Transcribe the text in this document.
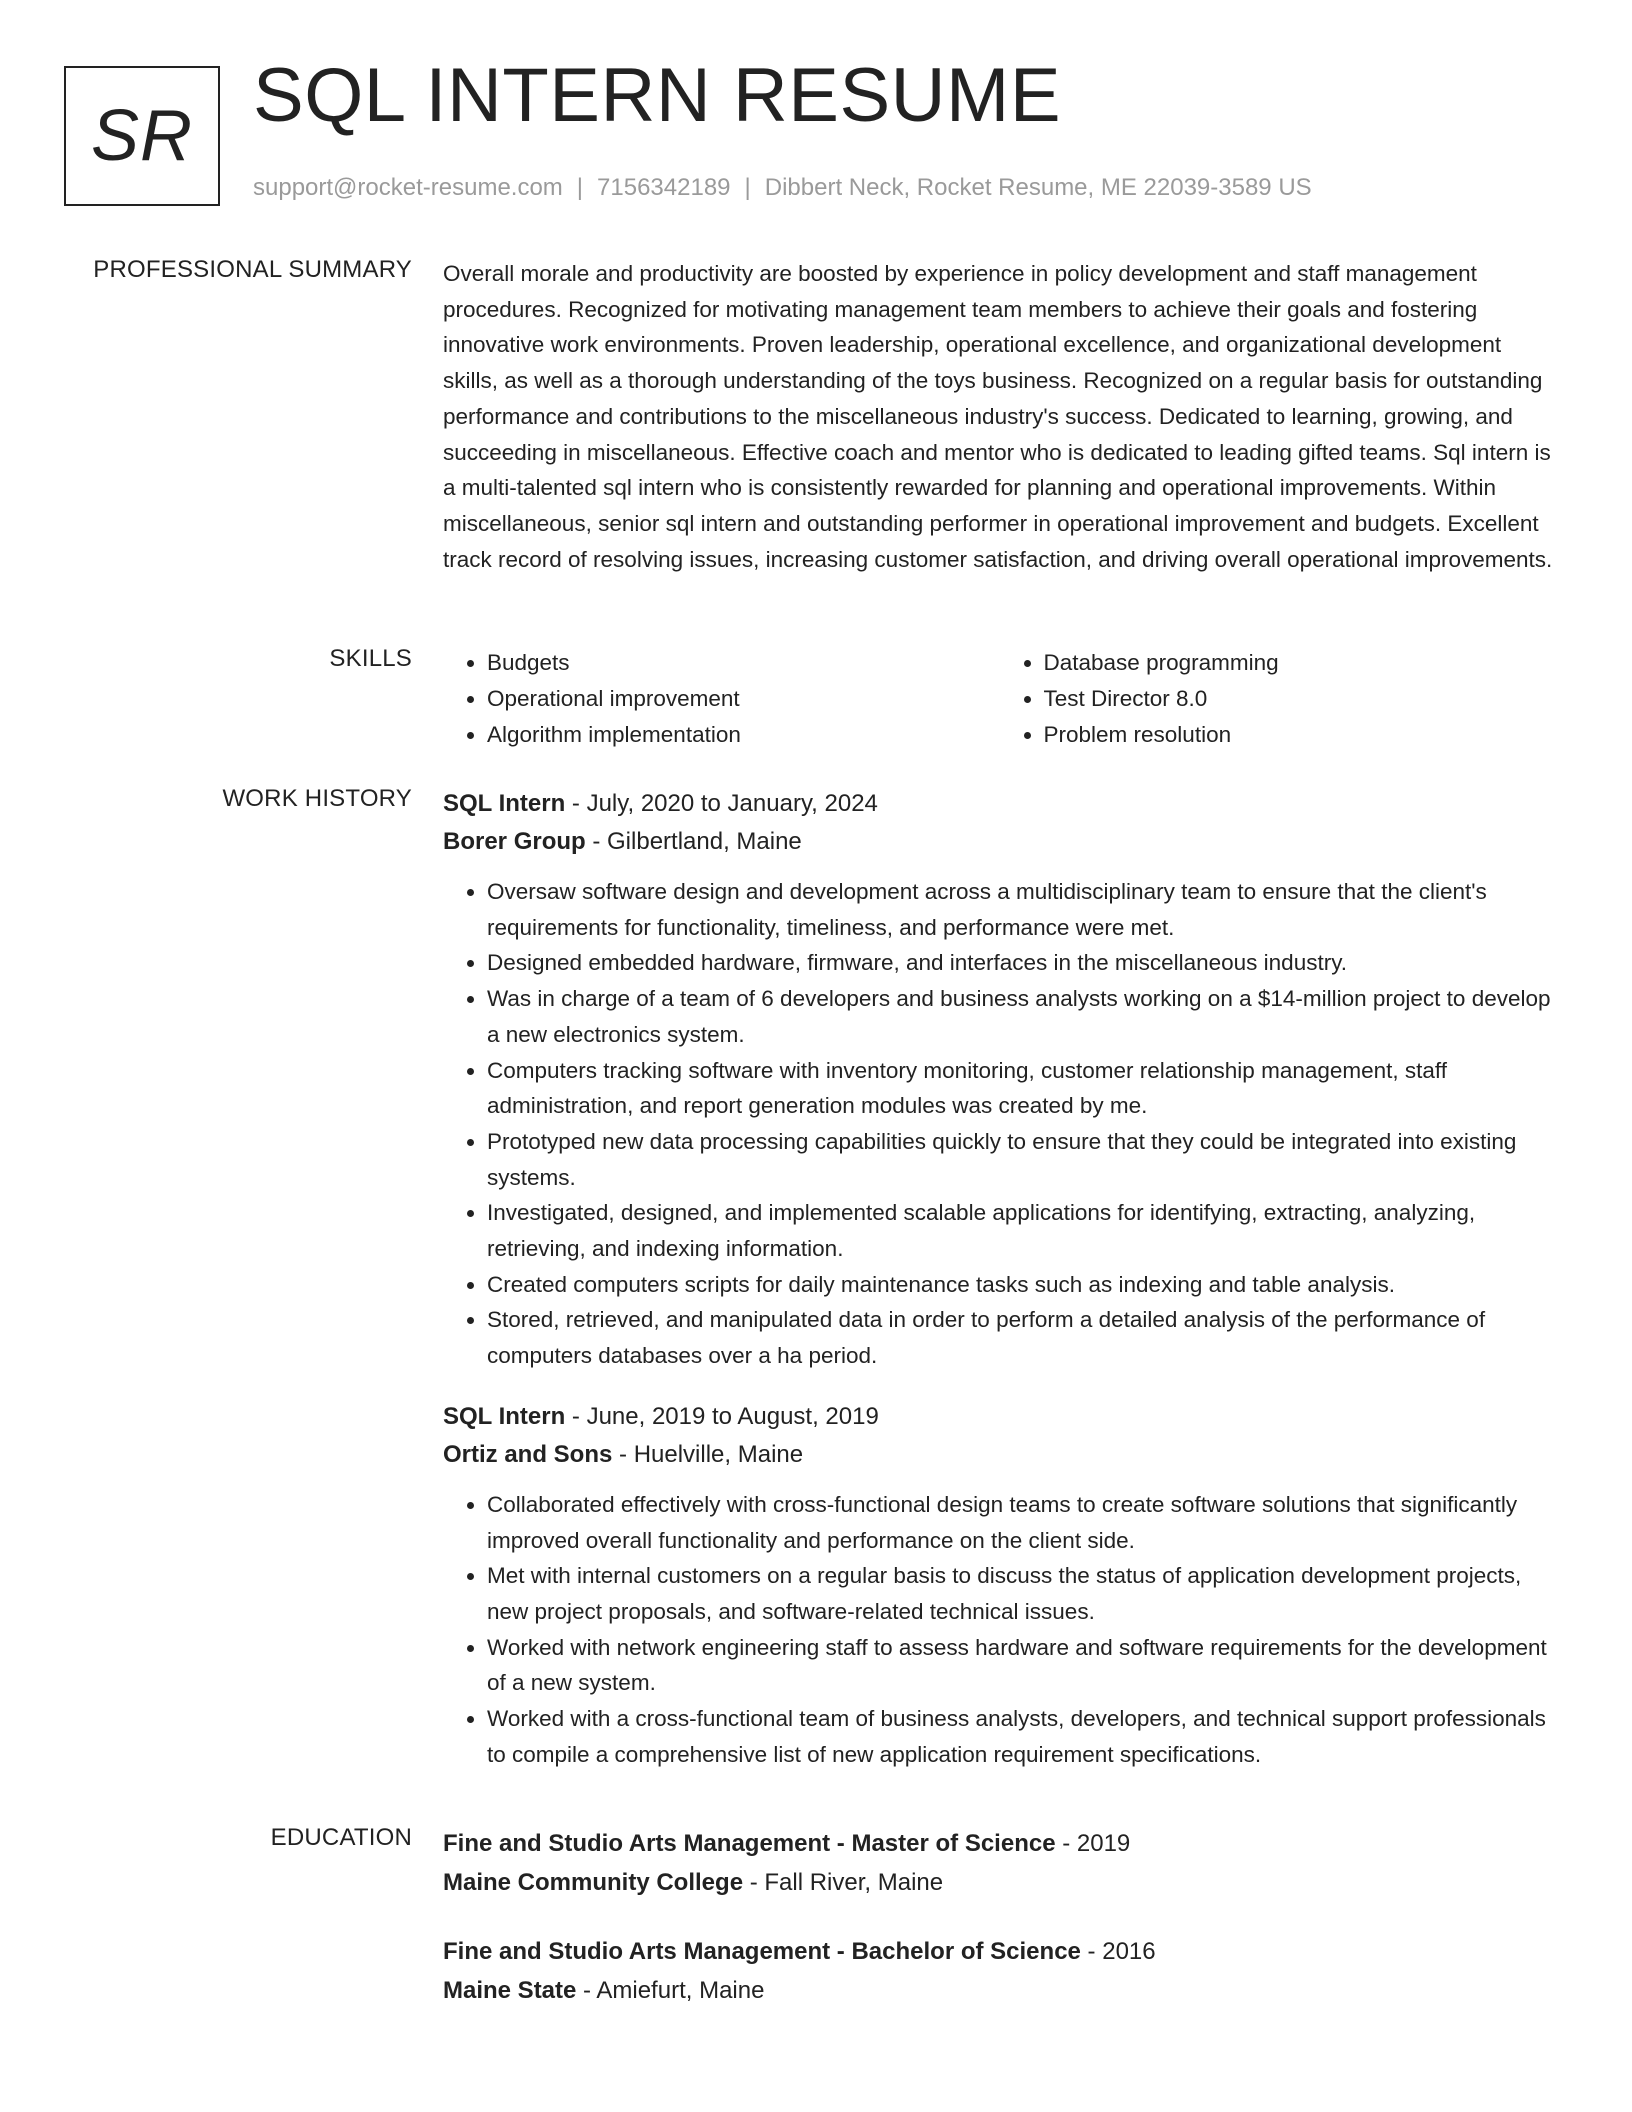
SR SQL INTERN RESUME
support@rocket-resume.com | 7156342189 | Dibbert Neck, Rocket Resume, ME 22039-3589 US
PROFESSIONAL SUMMARY Overall morale and productivity are boosted by experience in policy development and staff management procedures. Recognized for motivating management team members to achieve their goals and fostering innovative work environments. Proven leadership, operational excellence, and organizational development skills, as well as a thorough understanding of the toys business. Recognized on a regular basis for outstanding performance and contributions to the miscellaneous industry's success. Dedicated to learning, growing, and succeeding in miscellaneous. Effective coach and mentor who is dedicated to leading gifted teams. Sql intern is a multi-talented sql intern who is consistently rewarded for planning and operational improvements. Within miscellaneous, senior sql intern and outstanding performer in operational improvement and budgets. Excellent track record of resolving issues, increasing customer satisfaction, and driving overall operational improvements.

SKILLS
•	Budgets
• Operational improvement
• Algorithm implementation
• Database programming
• Test Director 8.0
• Problem resolution
WORK HISTORY SQL Intern - July, 2020 to January, 2024
Borer Group - Gilbertland, Maine
• Oversaw software design and development across a multidisciplinary team to ensure that the client's requirements for functionality, timeliness, and performance were met.
• Designed embedded hardware, firmware, and interfaces in the miscellaneous industry.
• Was in charge of a team of 6 developers and business analysts working on a $14-million project to develop a new electronics system.
• Computers tracking software with inventory monitoring, customer relationship management, staff administration, and report generation modules was created by me.
• Prototyped new data processing capabilities quickly to ensure that they could be integrated into existing systems.
• Investigated, designed, and implemented scalable applications for identifying, extracting, analyzing, retrieving, and indexing information.
• Created computers scripts for daily maintenance tasks such as indexing and table analysis.
• Stored, retrieved, and manipulated data in order to perform a detailed analysis of the performance of computers databases over a ha period.
SQL Intern - June, 2019 to August, 2019
Ortiz and Sons - Huelville, Maine
• Collaborated effectively with cross-functional design teams to create software solutions that significantly improved overall functionality and performance on the client side.
• Met with internal customers on a regular basis to discuss the status of application development projects, new project proposals, and software-related technical issues.
• Worked with network engineering staff to assess hardware and software requirements for the development of a new system.
• Worked with a cross-functional team of business analysts, developers, and technical support professionals to compile a comprehensive list of new application requirement specifications.
EDUCATION Fine and Studio Arts Management - Master of Science - 2019
Maine Community College - Fall River, Maine
Fine and Studio Arts Management - Bachelor of Science - 2016
Maine State - Amiefurt, Maine
